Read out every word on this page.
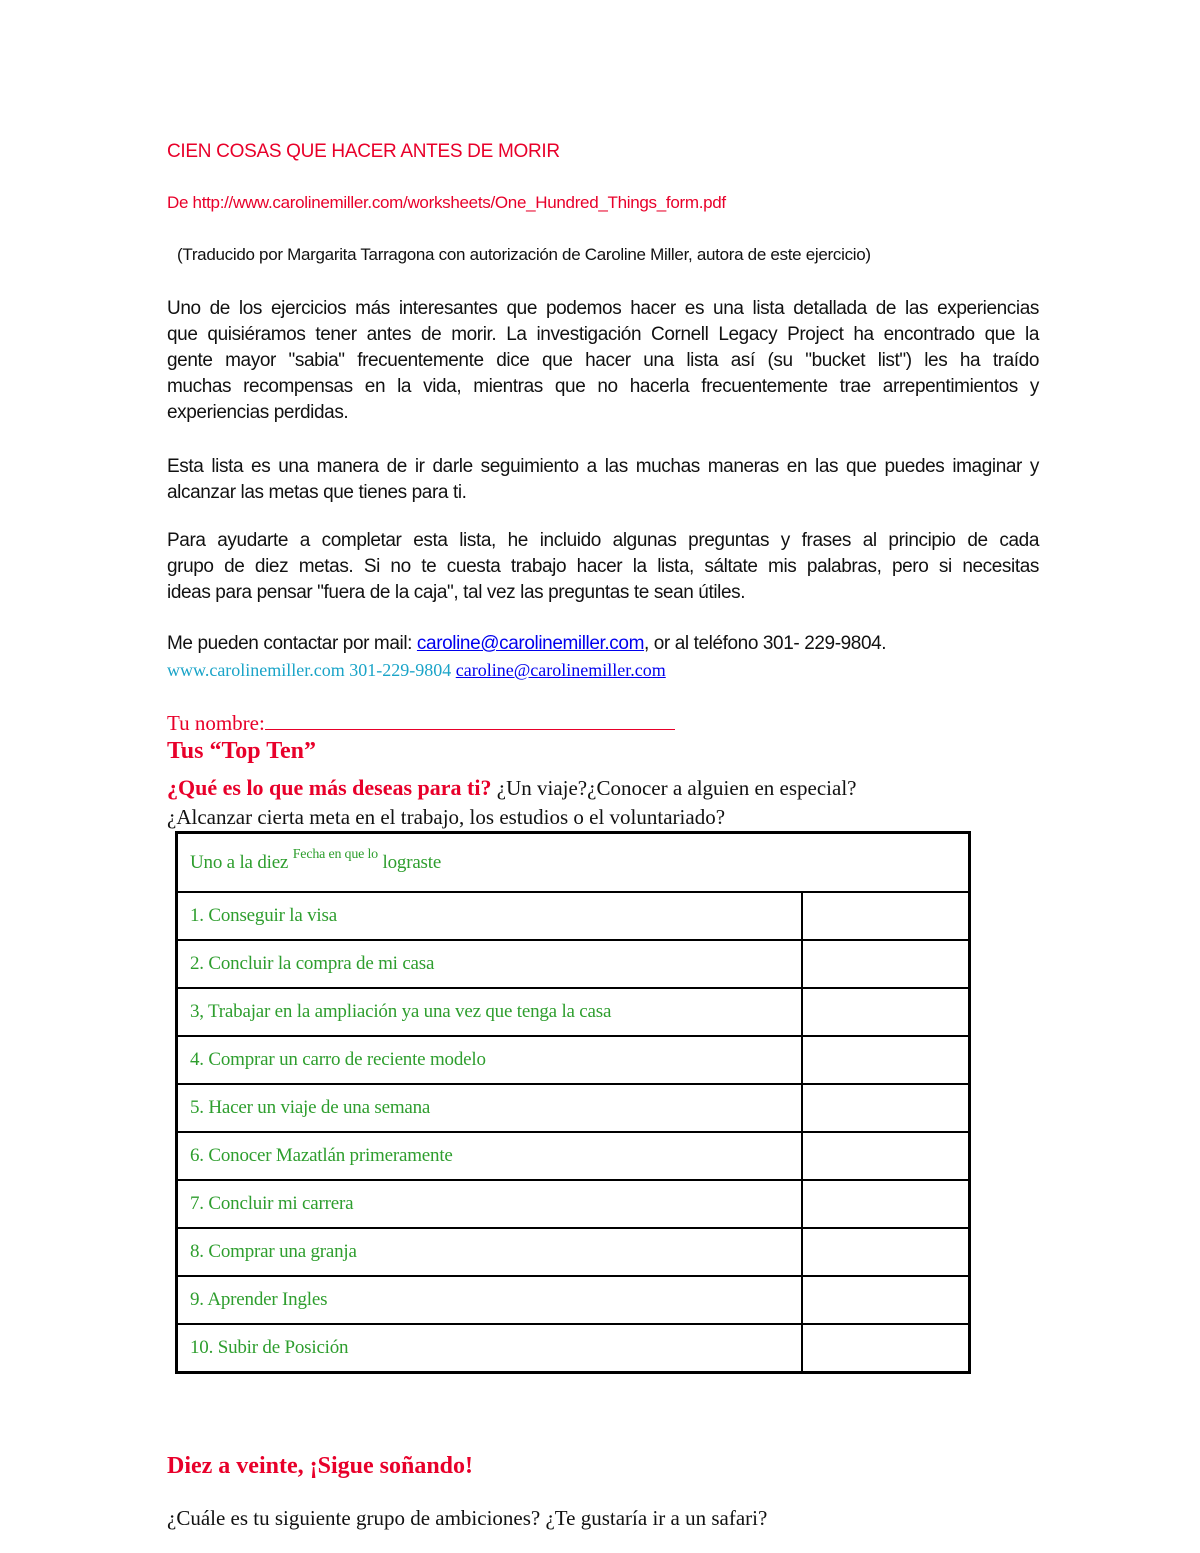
CIEN COSAS QUE HACER ANTES DE MORIR
De http://www.carolinemiller.com/worksheets/One_Hundred_Things_form.pdf
(Traducido por Margarita Tarragona con autorización de Caroline Miller, autora de este ejercicio)
Uno de los ejercicios más interesantes que podemos hacer es una lista detallada de las experiencias
que quisiéramos tener antes de morir. La investigación Cornell Legacy Project ha encontrado que la
gente mayor "sabia" frecuentemente dice que hacer una lista así (su "bucket list") les ha traído
muchas recompensas en la vida, mientras que no hacerla frecuentemente trae arrepentimientos y
experiencias perdidas.
Esta lista es una manera de ir darle seguimiento a las muchas maneras en las que puedes imaginar y
alcanzar las metas que tienes para ti.
Para ayudarte a completar esta lista, he incluido algunas preguntas y frases al principio de cada
grupo de diez metas. Si no te cuesta trabajo hacer la lista, sáltate mis palabras, pero si necesitas
ideas para pensar "fuera de la caja", tal vez las preguntas te sean útiles.
Me pueden contactar por mail: caroline@carolinemiller.com, or al teléfono 301- 229-9804.
www.carolinemiller.com 301-229-9804 caroline@carolinemiller.com
Tu nombre:
Tus “Top Ten”
¿Qué es lo que más deseas para ti? ¿Un viaje?¿Conocer a alguien en especial?
¿Alcanzar cierta meta en el trabajo, los estudios o el voluntariado?
Uno a la diez $^{Fecha en que lo}$ lograste	
1. Conseguir la visa	
2. Concluir la compra de mi casa	
3, Trabajar en la ampliación ya una vez que tenga la casa	
4. Comprar un carro de reciente modelo	
5. Hacer un viaje de una semana	
6. Conocer Mazatlán primeramente	
7. Concluir mi carrera	
8. Comprar una granja	
9. Aprender Ingles	
10. Subir de Posición	
Diez a veinte, ¡Sigue soñando!
¿Cuále es tu siguiente grupo de ambiciones? ¿Te gustaría ir a un safari?
